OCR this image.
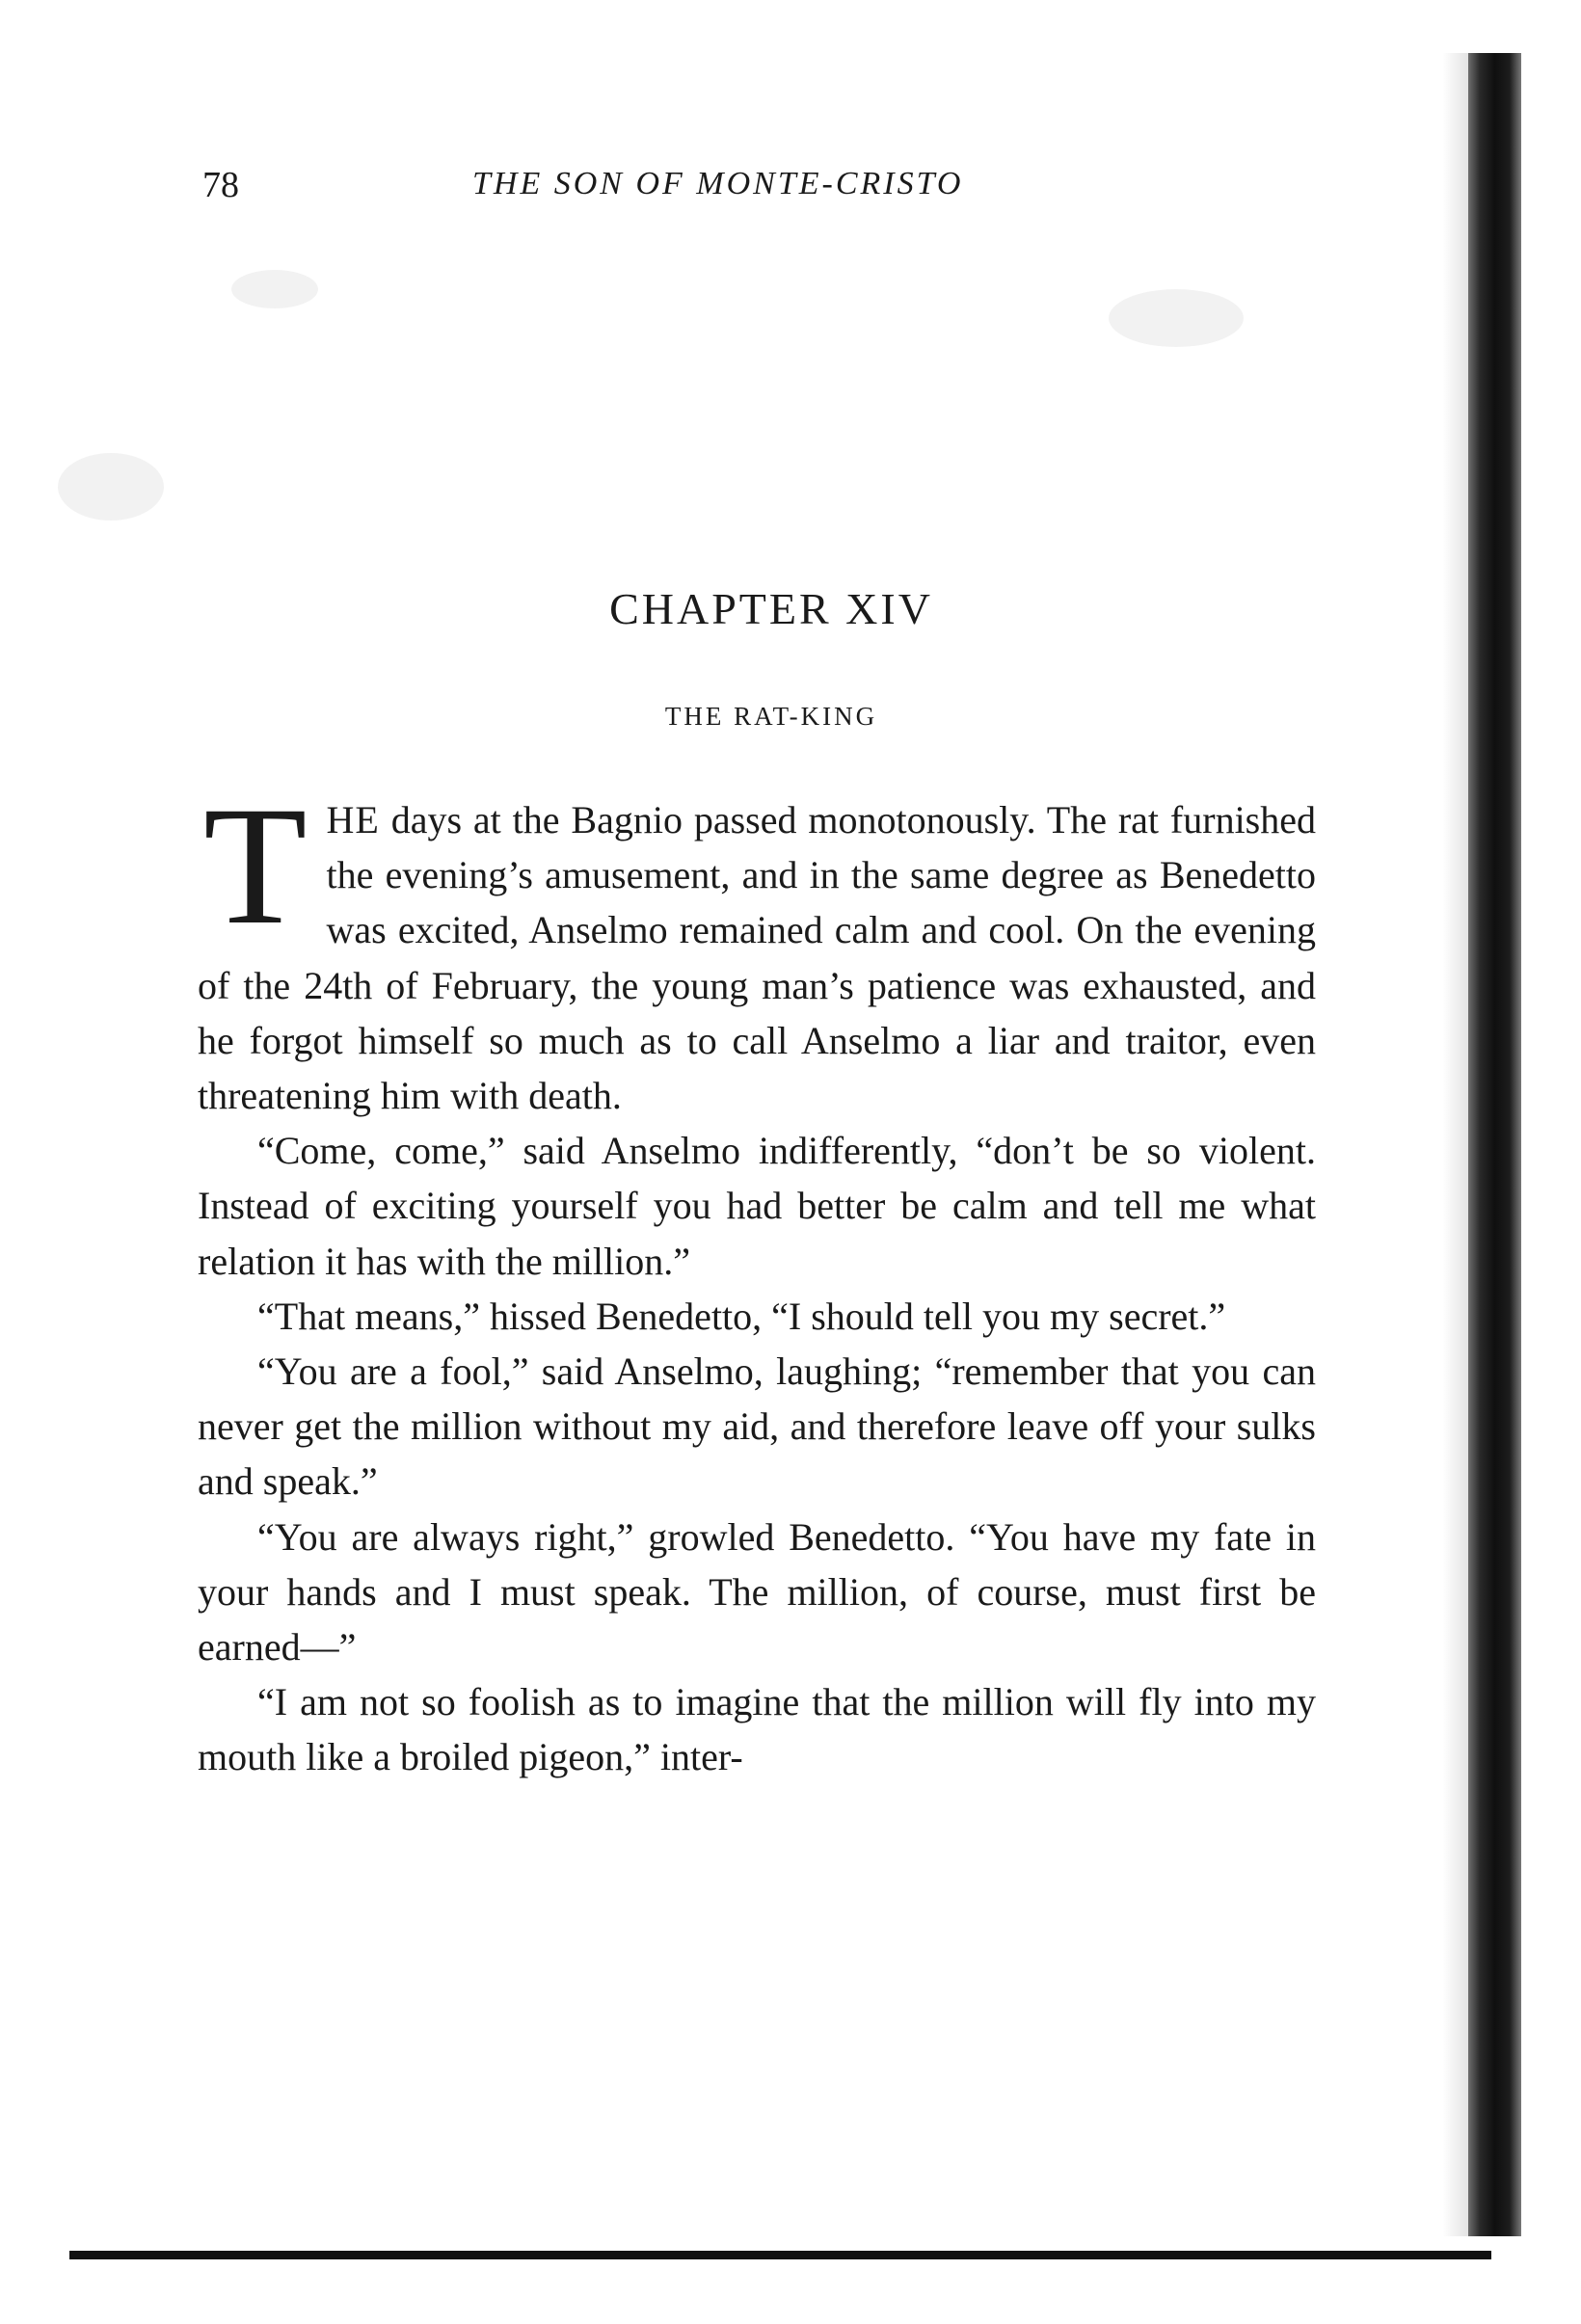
78	THE SON OF MONTE-CRISTO
CHAPTER XIV
THE RAT-KING

THE days at the Bagnio passed monotonously. The rat furnished the evening’s amusement, and in the same degree as Benedetto was excited, Anselmo remained calm and cool. On the evening of the 24th of February, the young man’s patience was exhausted, and he forgot himself so much as to call Anselmo a liar and traitor, even threatening him with death.

“Come, come,” said Anselmo indifferently, “don’t be so violent. Instead of exciting yourself you had better be calm and tell me what relation it has with the million.”

“That means,” hissed Benedetto, “I should tell you my secret.”

“You are a fool,” said Anselmo, laughing; “remember that you can never get the million without my aid, and therefore leave off your sulks and speak.”

“You are always right,” growled Benedetto. “You have my fate in your hands and I must speak. The million, of course, must first be earned—”

“I am not so foolish as to imagine that the million will fly into my mouth like a broiled pigeon,” inter-
